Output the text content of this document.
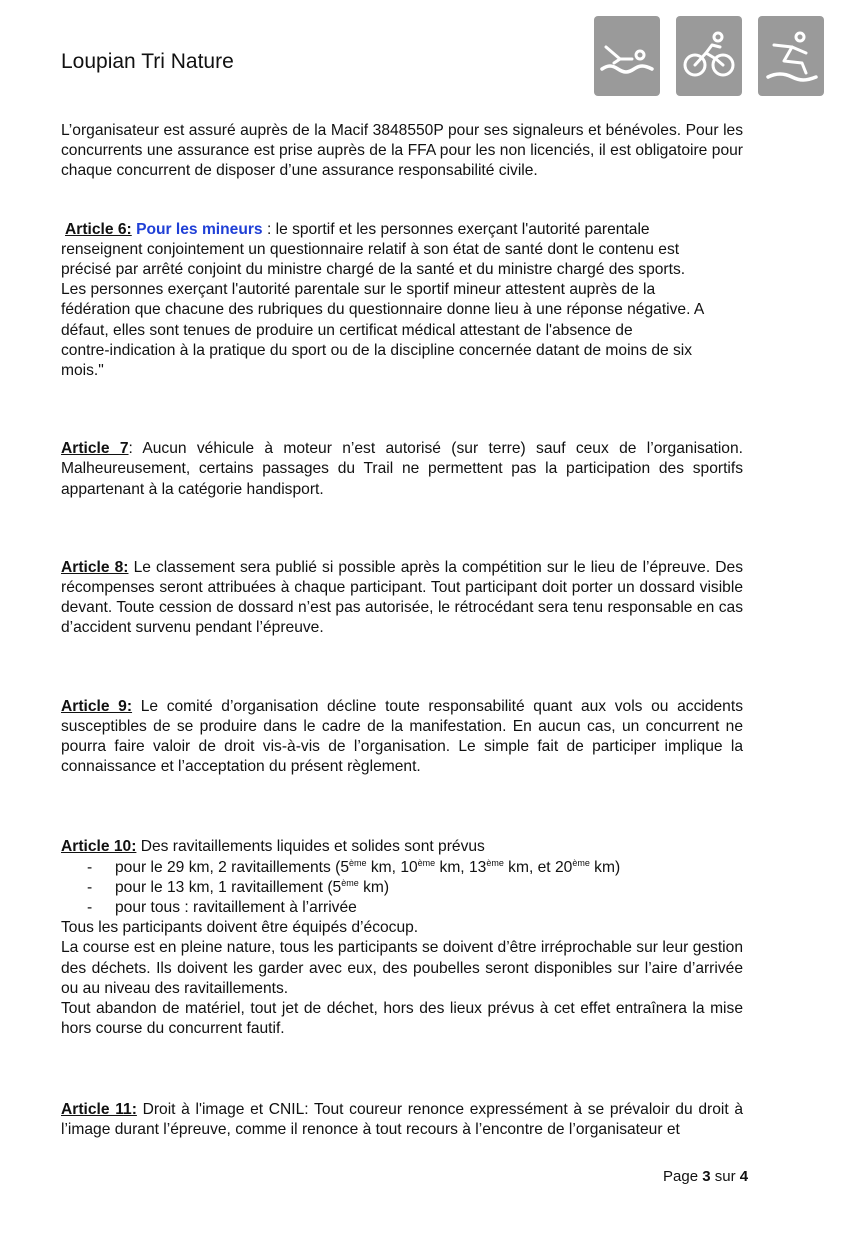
Loupian Tri Nature

L’organisateur est assuré auprès de la Macif 3848550P pour ses signaleurs et bénévoles. Pour les concurrents une assurance est prise auprès de la FFA pour les non licenciés, il est obligatoire pour chaque concurrent de disposer d’une assurance responsabilité civile.

Article 6: Pour les mineurs : le sportif et les personnes exerçant l'autorité parentale
renseignent conjointement un questionnaire relatif à son état de santé dont le contenu est
précisé par arrêté conjoint du ministre chargé de la santé et du ministre chargé des sports.
Les personnes exerçant l'autorité parentale sur le sportif mineur attestent auprès de la
fédération que chacune des rubriques du questionnaire donne lieu à une réponse négative. A
défaut, elles sont tenues de produire un certificat médical attestant de l'absence de
contre-indication à la pratique du sport ou de la discipline concernée datant de moins de six
mois."

Article 7: Aucun véhicule à moteur n’est autorisé (sur terre) sauf ceux de l’organisation. Malheureusement, certains passages du Trail ne permettent pas la participation des sportifs appartenant à la catégorie handisport.

Article 8: Le classement sera publié si possible après la compétition sur le lieu de l’épreuve. Des récompenses seront attribuées à chaque participant. Tout participant doit porter un dossard visible devant. Toute cession de dossard n’est pas autorisée, le rétrocédant sera tenu responsable en cas d’accident survenu pendant l’épreuve.

Article 9: Le comité d’organisation décline toute responsabilité quant aux vols ou accidents susceptibles de se produire dans le cadre de la manifestation. En aucun cas, un concurrent ne pourra faire valoir de droit vis-à-vis de l’organisation. Le simple fait de participer implique la connaissance et l’acceptation du présent règlement.

Article 10: Des ravitaillements liquides et solides sont prévus

- pour le 29 km, 2 ravitaillements (5ème km, 10ème km, 13ème km, et 20ème km)
- pour le 13 km, 1 ravitaillement (5ème km)
- pour tous : ravitaillement à l’arrivée

Tous les participants doivent être équipés d’écocup.

La course est en pleine nature, tous les participants se doivent d’être irréprochable sur leur gestion des déchets. Ils doivent les garder avec eux, des poubelles seront disponibles sur l’aire d’arrivée ou au niveau des ravitaillements.

Tout abandon de matériel, tout jet de déchet, hors des lieux prévus à cet effet entraînera la mise hors course du concurrent fautif.

Article 11: Droit à l'image et CNIL: Tout coureur renonce expressément à se prévaloir du droit à l’image durant l’épreuve, comme il renonce à tout recours à l’encontre de l’organisateur et

Page 3 sur 4
